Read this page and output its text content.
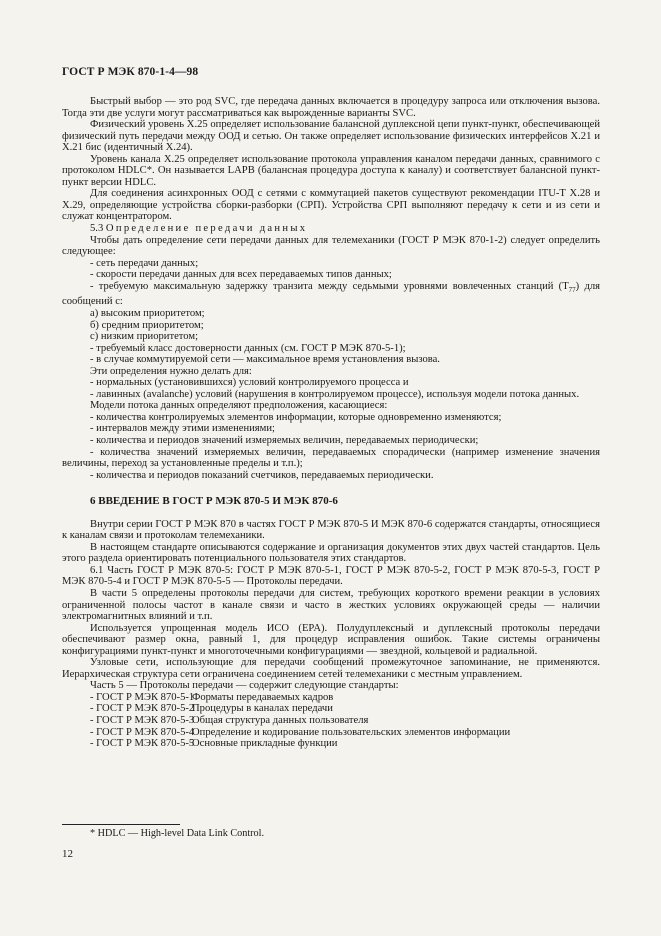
ГОСТ Р МЭК 870-1-4—98

Быстрый выбор — это род SVC, где передача данных включается в процедуру запроса или отключения вызова. Тогда эти две услуги могут рассматриваться как вырожденные варианты SVC.

Физический уровень X.25 определяет использование балансной дуплексной цепи пункт-пункт, обеспечивающей физический путь передачи между ООД и сетью. Он также определяет использование физических интерфейсов X.21 и X.21 бис (идентичный X.24).

Уровень канала X.25 определяет использование протокола управления каналом передачи данных, сравнимого с протоколом HDLC*. Он называется LAPB (балансная процедура доступа к каналу) и соответствует балансной пункт-пункт версии HDLC.

Для соединения асинхронных ООД с сетями с коммутацией пакетов существуют рекомендации ITU-T X.28 и X.29, определяющие устройства сборки-разборки (СРП). Устройства СРП выполняют передачу к сети и из сети и служат концентратором.

5.3 Определение передачи данных

Чтобы дать определение сети передачи данных для телемеханики (ГОСТ Р МЭК 870-1-2) следует определить следующее:

- сеть передачи данных;

- скорости передачи данных для всех передаваемых типов данных;

- требуемую максимальную задержку транзита между седьмыми уровнями вовлеченных станций $(T_{77})$ для сообщений с:

а) высоким приоритетом;

б) средним приоритетом;

с) низким приоритетом;

- требуемый класс достоверности данных (см. ГОСТ Р МЭК 870-5-1);

- в случае коммутируемой сети — максимальное время установления вызова.

Эти определения нужно делать для:

- нормальных (установившихся) условий контролируемого процесса и

- лавинных (avalanche) условий (нарушения в контролируемом процессе), используя модели потока данных.

Модели потока данных определяют предположения, касающиеся:

- количества контролируемых элементов информации, которые одновременно изменяются;

- интервалов между этими изменениями;

- количества и периодов значений измеряемых величин, передаваемых периодически;

- количества значений измеряемых величин, передаваемых спорадически (например изменение значения величины, переход за установленные пределы и т.п.);

- количества и периодов показаний счетчиков, передаваемых периодически.

6 ВВЕДЕНИЕ В ГОСТ Р МЭК 870-5 И МЭК 870-6

Внутри серии ГОСТ Р МЭК 870 в частях ГОСТ Р МЭК 870-5 И МЭК 870-6 содержатся стандарты, относящиеся к каналам связи и протоколам телемеханики.

В настоящем стандарте описываются содержание и организация документов этих двух частей стандартов. Цель этого раздела ориентировать потенциального пользователя этих стандартов.

6.1 Часть ГОСТ Р МЭК 870-5: ГОСТ Р МЭК 870-5-1, ГОСТ Р МЭК 870-5-2, ГОСТ Р МЭК 870-5-3, ГОСТ Р МЭК 870-5-4 и ГОСТ Р МЭК 870-5-5 — Протоколы передачи.

В части 5 определены протоколы передачи для систем, требующих короткого времени реакции в условиях ограниченной полосы частот в канале связи и часто в жестких условиях окружающей среды — наличии электромагнитных влияний и т.п.

Используется упрощенная модель ИСО (EPA). Полудуплексный и дуплексный протоколы передачи обеспечивают размер окна, равный 1, для процедур исправления ошибок. Такие системы ограничены конфигурациями пункт-пункт и многоточечными конфигурациями — звездной, кольцевой и радиальной.

Узловые сети, использующие для передачи сообщений промежуточное запоминание, не применяются. Иерархическая структура сети ограничена соединением сетей телемеханики с местным управлением.

Часть 5 — Протоколы передачи — содержит следующие стандарты:

- ГОСТ Р МЭК 870-5-1Форматы передаваемых кадров

- ГОСТ Р МЭК 870-5-2Процедуры в каналах передачи

- ГОСТ Р МЭК 870-5-3Общая структура данных пользователя

- ГОСТ Р МЭК 870-5-4Определение и кодирование пользовательских элементов информации

- ГОСТ Р МЭК 870-5-5Основные прикладные функции

* HDLC — High-level Data Link Control.
12
